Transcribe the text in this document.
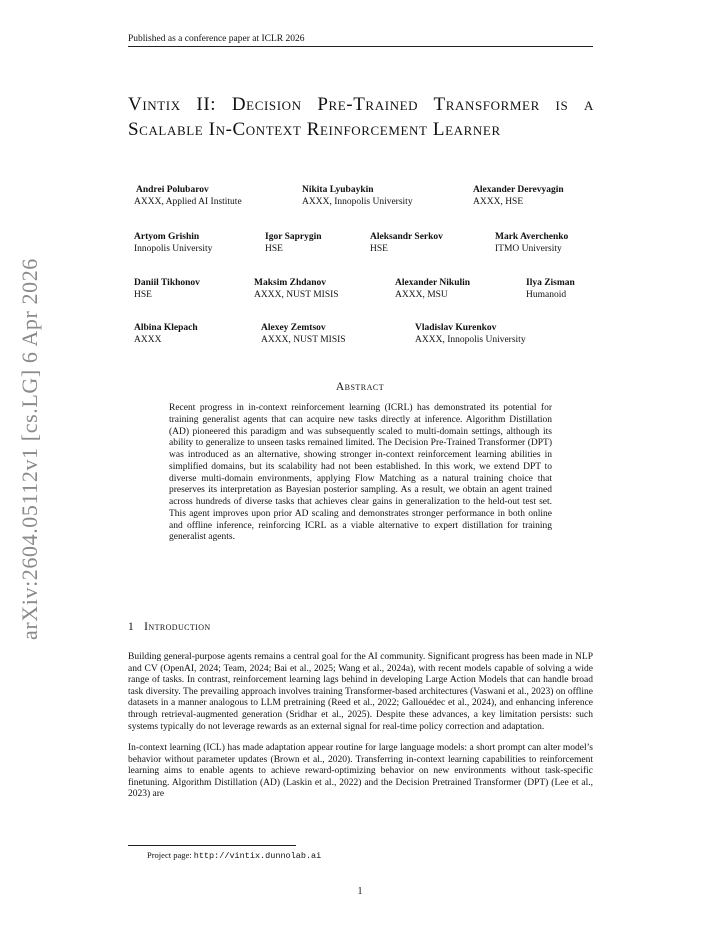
Published as a conference paper at ICLR 2026
arXiv:2604.05112v1 [cs.LG] 6 Apr 2026
Vintix II: Decision Pre-Trained Transformer is a Scalable In-Context Reinforcement Learner
Andrei Polubarov
AXXX, Applied AI Institute
Nikita Lyubaykin
AXXX, Innopolis University
Alexander Derevyagin
AXXX, HSE
Artyom Grishin
Innopolis University
Igor Saprygin
HSE
Aleksandr Serkov
HSE
Mark Averchenko
ITMO University
Daniil Tikhonov
HSE
Maksim Zhdanov
AXXX, NUST MISIS
Alexander Nikulin
AXXX, MSU
Ilya Zisman
Humanoid
Albina Klepach
AXXX
Alexey Zemtsov
AXXX, NUST MISIS
Vladislav Kurenkov
AXXX, Innopolis University
Abstract
Recent progress in in-context reinforcement learning (ICRL) has demonstrated its potential for training generalist agents that can acquire new tasks directly at inference. Algorithm Distillation (AD) pioneered this paradigm and was subsequently scaled to multi-domain settings, although its ability to generalize to unseen tasks remained limited. The Decision Pre-Trained Transformer (DPT) was introduced as an alternative, showing stronger in-context reinforcement learning abilities in simplified domains, but its scalability had not been established. In this work, we extend DPT to diverse multi-domain environments, applying Flow Matching as a natural training choice that preserves its interpretation as Bayesian posterior sampling. As a result, we obtain an agent trained across hundreds of diverse tasks that achieves clear gains in generalization to the held-out test set. This agent improves upon prior AD scaling and demonstrates stronger performance in both online and offline inference, reinforcing ICRL as a viable alternative to expert distillation for training generalist agents.
1 Introduction
Building general-purpose agents remains a central goal for the AI community. Significant progress has been made in NLP and CV (OpenAI, 2024; Team, 2024; Bai et al., 2025; Wang et al., 2024a), with recent models capable of solving a wide range of tasks. In contrast, reinforcement learning lags behind in developing Large Action Models that can handle broad task diversity. The prevailing approach involves training Transformer-based architectures (Vaswani et al., 2023) on offline datasets in a manner analogous to LLM pretraining (Reed et al., 2022; Gallouédec et al., 2024), and enhancing inference through retrieval-augmented generation (Sridhar et al., 2025). Despite these advances, a key limitation persists: such systems typically do not leverage rewards as an external signal for real-time policy correction and adaptation.
In-context learning (ICL) has made adaptation appear routine for large language models: a short prompt can alter model’s behavior without parameter updates (Brown et al., 2020). Transferring in-context learning capabilities to reinforcement learning aims to enable agents to achieve reward-optimizing behavior on new environments without task-specific finetuning. Algorithm Distillation (AD) (Laskin et al., 2022) and the Decision Pretrained Transformer (DPT) (Lee et al., 2023) are
Project page: http://vintix.dunnolab.ai
1
